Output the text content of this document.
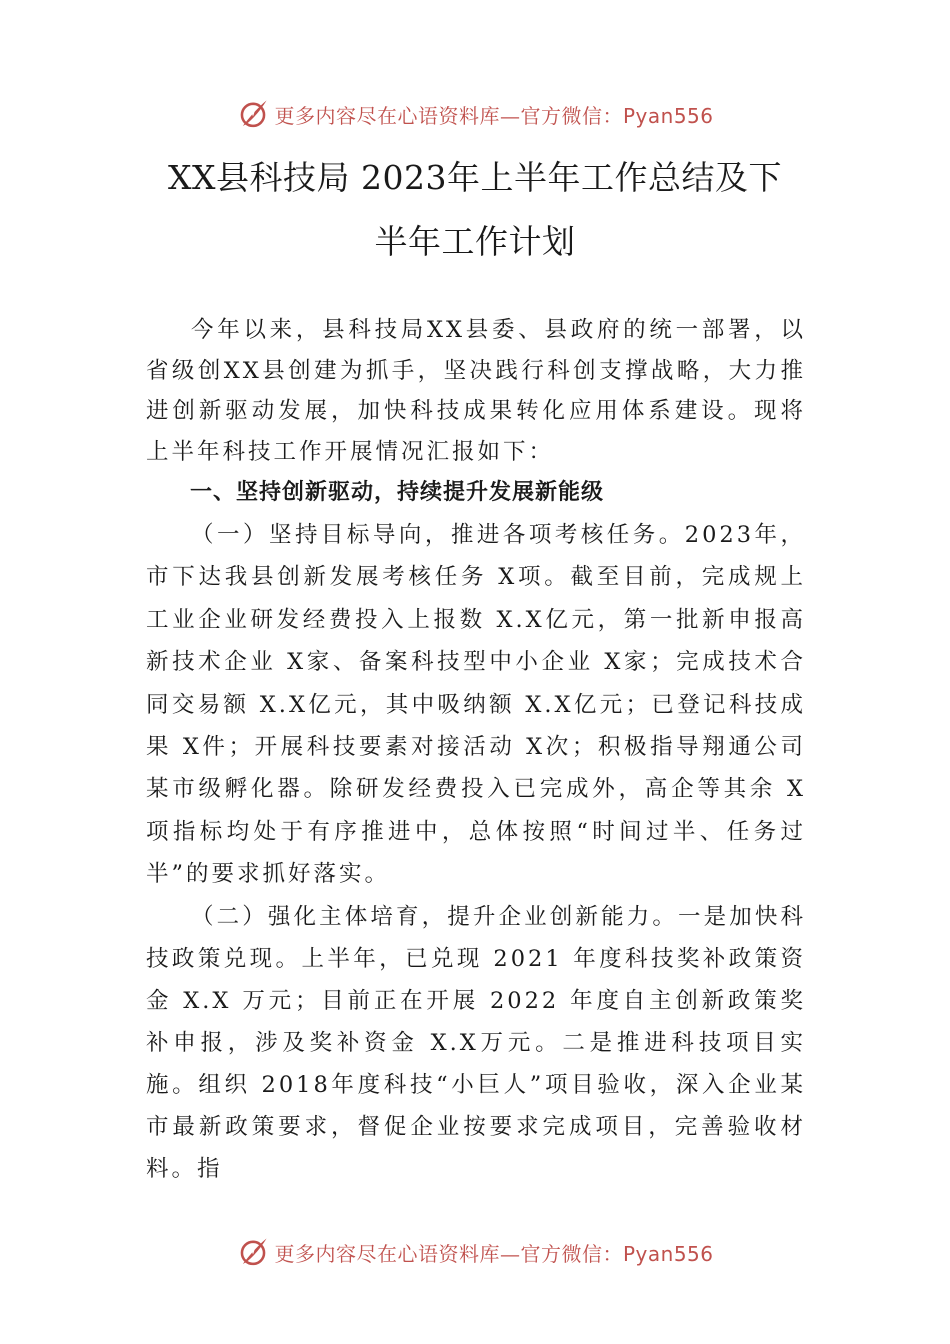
更多内容尽在心语资料库—官方微信：Pyan556
XX县科技局 2023年上半年工作总结及下
半年工作计划

今年以来，县科技局XX县委、县政府的统一部署，以省级创XX县创建为抓手，坚决践行科创支撑战略，大力推进创新驱动发展，加快科技成果转化应用体系建设。现将上半年科技工作开展情况汇报如下：

一、坚持创新驱动，持续提升发展新能级

（一）坚持目标导向，推进各项考核任务。2023年，市下达我县创新发展考核任务 X项。截至目前，完成规上工业企业研发经费投入上报数 X.X亿元，第一批新申报高新技术企业 X家、备案科技型中小企业 X家；完成技术合同交易额 X.X亿元，其中吸纳额 X.X亿元；已登记科技成果 X件；开展科技要素对接活动 X次；积极指导翔通公司某市级孵化器。除研发经费投入已完成外，高企等其余 X项指标均处于有序推进中，总体按照“时间过半、任务过半”的要求抓好落实。

（二）强化主体培育，提升企业创新能力。一是加快科技政策兑现。上半年，已兑现 2021 年度科技奖补政策资金 X.X 万元；目前正在开展 2022 年度自主创新政策奖补申报，涉及奖补资金 X.X万元。二是推进科技项目实施。组织 2018年度科技“小巨人”项目验收，深入企业某市最新政策要求，督促企业按要求完成项目，完善验收材料。指

更多内容尽在心语资料库—官方微信：Pyan556
